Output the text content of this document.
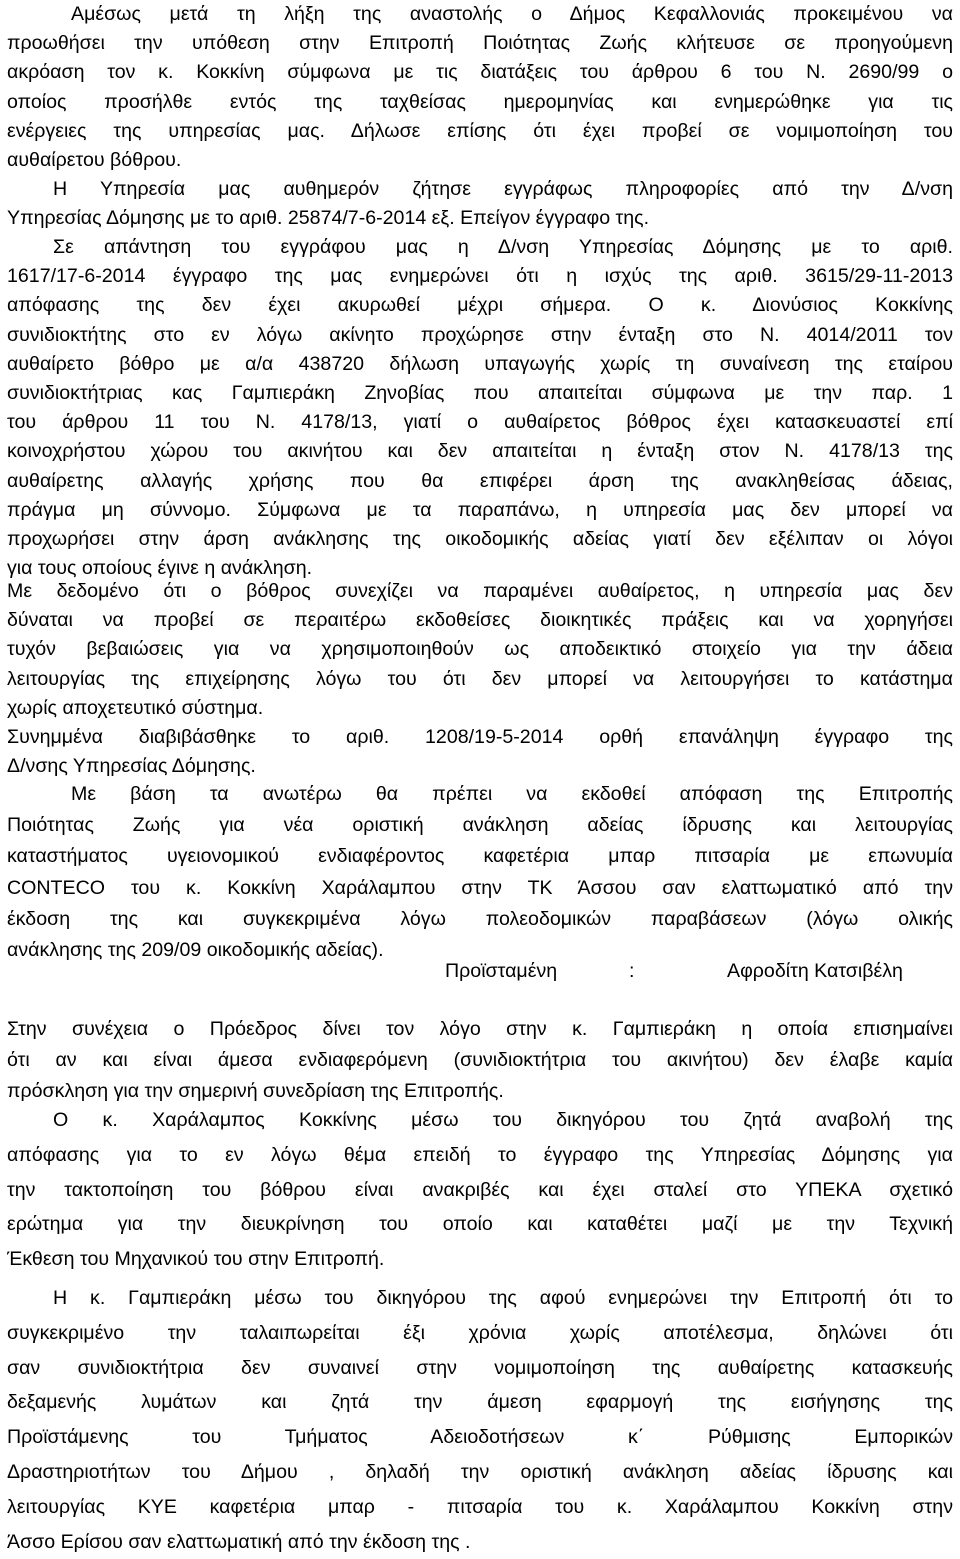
Αμέσως μετά τη λήξη της αναστολής ο Δήμος Κεφαλλονιάς προκειμένου να
προωθήσει την υπόθεση στην Επιτροπή Ποιότητας Ζωής κλήτευσε σε προηγούμενη
ακρόαση τον κ. Κοκκίνη σύμφωνα με τις διατάξεις του άρθρου 6 του Ν. 2690/99 ο
οποίος προσήλθε εντός της ταχθείσας ημερομηνίας και ενημερώθηκε για τις
ενέργειες της υπηρεσίας μας. Δήλωσε επίσης ότι έχει προβεί σε νομιμοποίηση του
αυθαίρετου βόθρου.
Η Υπηρεσία μας αυθημερόν ζήτησε εγγράφως πληροφορίες από την Δ/νση
Υπηρεσίας Δόμησης με το αριθ. 25874/7-6-2014 εξ. Επείγον έγγραφο της.
Σε απάντηση του εγγράφου μας η Δ/νση Υπηρεσίας Δόμησης με το αριθ.
1617/17-6-2014 έγγραφο της μας ενημερώνει ότι η ισχύς της αριθ. 3615/29-11-2013
απόφασης της δεν έχει ακυρωθεί μέχρι σήμερα. Ο κ. Διονύσιος Κοκκίνης
συνιδιοκτήτης στο εν λόγω ακίνητο προχώρησε στην ένταξη στο Ν. 4014/2011 τον
αυθαίρετο βόθρο με α/α 438720 δήλωση υπαγωγής χωρίς τη συναίνεση της εταίρου
συνιδιοκτήτριας κας Γαμπιεράκη Ζηνοβίας που απαιτείται σύμφωνα με την παρ. 1
του άρθρου 11 του Ν. 4178/13, γιατί ο αυθαίρετος βόθρος έχει κατασκευαστεί επί
κοινοχρήστου χώρου του ακινήτου και δεν απαιτείται η ένταξη στον Ν. 4178/13 της
αυθαίρετης αλλαγής χρήσης που θα επιφέρει άρση της ανακληθείσας άδειας,
πράγμα μη σύννομο. Σύμφωνα με τα παραπάνω, η υπηρεσία μας δεν μπορεί να
προχωρήσει στην άρση ανάκλησης της οικοδομικής αδείας γιατί δεν εξέλιπαν οι λόγοι
για τους οποίους έγινε η ανάκληση.
Με δεδομένο ότι ο βόθρος συνεχίζει να παραμένει αυθαίρετος, η υπηρεσία μας δεν
δύναται να προβεί σε περαιτέρω εκδοθείσες διοικητικές πράξεις και να χορηγήσει
τυχόν βεβαιώσεις για να χρησιμοποιηθούν ως αποδεικτικό στοιχείο για την άδεια
λειτουργίας της επιχείρησης λόγω του ότι δεν μπορεί να λειτουργήσει το κατάστημα
χωρίς αποχετευτικό σύστημα.
Συνημμένα διαβιβάσθηκε το αριθ. 1208/19-5-2014 ορθή επανάληψη έγγραφο της
Δ/νσης Υπηρεσίας Δόμησης.
Με βάση τα ανωτέρω θα πρέπει να εκδοθεί απόφαση της Επιτροπής
Ποιότητας Ζωής για νέα οριστική ανάκληση αδείας ίδρυσης και λειτουργίας
καταστήματος υγειονομικού ενδιαφέροντος καφετέρια μπαρ πιτσαρία με επωνυμία
CONTECO του κ. Κοκκίνη Χαράλαμπου στην ΤΚ Άσσου σαν ελαττωματικό από την
έκδοση της και συγκεκριμένα λόγω πολεοδομικών παραβάσεων (λόγω ολικής
ανάκλησης της 209/09 οικοδομικής αδείας).
Προϊσταμένη	:	Αφροδίτη Κατσιβέλη
Στην συνέχεια ο Πρόεδρος δίνει τον λόγο στην κ. Γαμπιεράκη η οποία επισημαίνει
ότι αν και είναι άμεσα ενδιαφερόμενη (συνιδιοκτήτρια του ακινήτου) δεν έλαβε καμία
πρόσκληση για την σημερινή συνεδρίαση της Επιτροπής.
Ο κ. Χαράλαμπος Κοκκίνης μέσω του δικηγόρου του ζητά αναβολή της
απόφασης για το εν λόγω θέμα επειδή το έγγραφο της Υπηρεσίας Δόμησης για
την τακτοποίηση του βόθρου είναι ανακριβές και έχει σταλεί στο ΥΠΕΚΑ σχετικό
ερώτημα για την διευκρίνηση του οποίο και καταθέτει μαζί με την Τεχνική
Έκθεση του Μηχανικού του στην Επιτροπή.
Η κ. Γαμπιεράκη μέσω του δικηγόρου της αφού ενημερώνει την Επιτροπή ότι το
συγκεκριμένο την ταλαιπωρείται έξι χρόνια χωρίς αποτέλεσμα, δηλώνει ότι
σαν συνιδιοκτήτρια δεν συναινεί στην νομιμοποίηση της αυθαίρετης κατασκευής
δεξαμενής λυμάτων και ζητά την άμεση εφαρμογή της εισήγησης της
Προϊστάμενης του Τμήματος Αδειοδοτήσεων κ΄ Ρύθμισης Εμπορικών
Δραστηριοτήτων του Δήμου , δηλαδή την οριστική ανάκληση αδείας ίδρυσης και
λειτουργίας ΚΥΕ καφετέρια μπαρ - πιτσαρία του κ. Χαράλαμπου Κοκκίνη στην
Άσσο Ερίσου σαν ελαττωματική από την έκδοση της .
